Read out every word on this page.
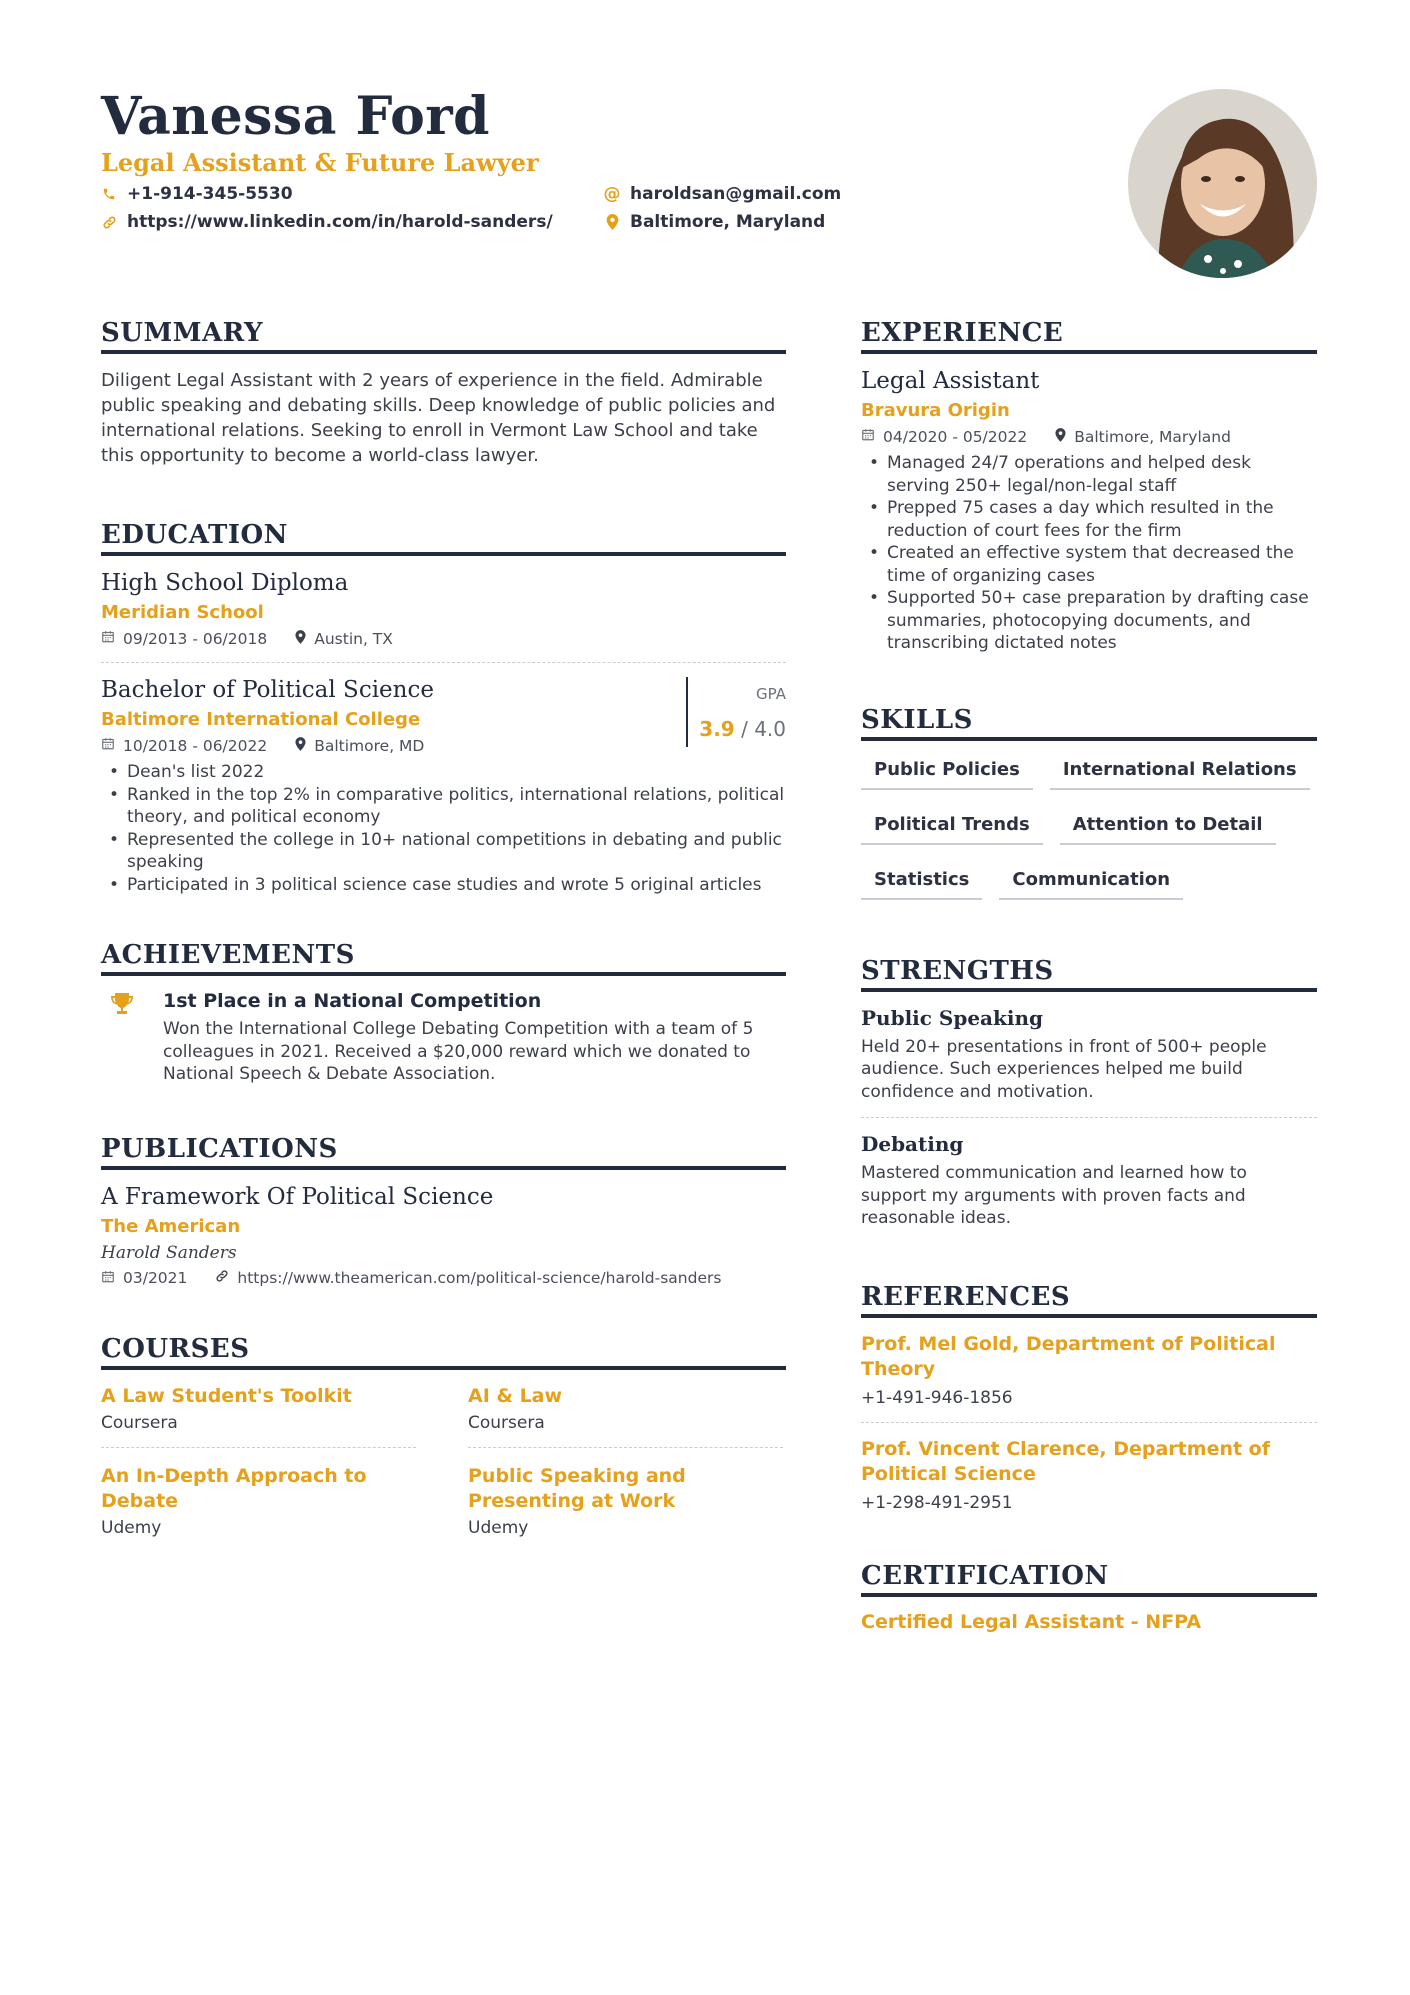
Vanessa Ford
Legal Assistant & Future Lawyer
+1-914-345-5530
https://www.linkedin.com/in/harold-sanders/
@ haroldsan@gmail.com
Baltimore, Maryland
SUMMARY
Diligent Legal Assistant with 2 years of experience in the field. Admirable public speaking and debating skills. Deep knowledge of public policies and international relations. Seeking to enroll in Vermont Law School and take this opportunity to become a world-class lawyer.
EDUCATION
High School Diploma
Meridian School
09/2013 - 06/2018	Austin, TX
GPA
3.9 / 4.0
Bachelor of Political Science
Baltimore International College
10/2018 - 06/2022	Baltimore, MD
• Dean's list 2022
• Ranked in the top 2% in comparative politics, international relations, political theory, and political economy
• Represented the college in 10+ national competitions in debating and public speaking
• Participated in 3 political science case studies and wrote 5 original articles
ACHIEVEMENTS
1st Place in a National Competition
Won the International College Debating Competition with a team of 5 colleagues in 2021. Received a $20,000 reward which we donated to National Speech & Debate Association.
PUBLICATIONS
A Framework Of Political Science
The American
Harold Sanders
03/2021	https://www.theamerican.com/political-science/harold-sanders
COURSES
A Law Student's Toolkit
Coursera
AI & Law
Coursera
An In-Depth Approach to Debate
Udemy
Public Speaking and Presenting at Work
Udemy
EXPERIENCE
Legal Assistant
Bravura Origin
04/2020 - 05/2022	Baltimore, Maryland
• Managed 24/7 operations and helped desk serving 250+ legal/non-legal staff
• Prepped 75 cases a day which resulted in the reduction of court fees for the firm
• Created an effective system that decreased the time of organizing cases
• Supported 50+ case preparation by drafting case summaries, photocopying documents, and transcribing dictated notes
SKILLS
Public Policies	International Relations
Political Trends	Attention to Detail
Statistics	Communication
STRENGTHS
Public Speaking
Held 20+ presentations in front of 500+ people audience. Such experiences helped me build confidence and motivation.
Debating
Mastered communication and learned how to support my arguments with proven facts and reasonable ideas.
REFERENCES
Prof. Mel Gold, Department of Political Theory
+1-491-946-1856
Prof. Vincent Clarence, Department of Political Science
+1-298-491-2951
CERTIFICATION
Certified Legal Assistant - NFPA
